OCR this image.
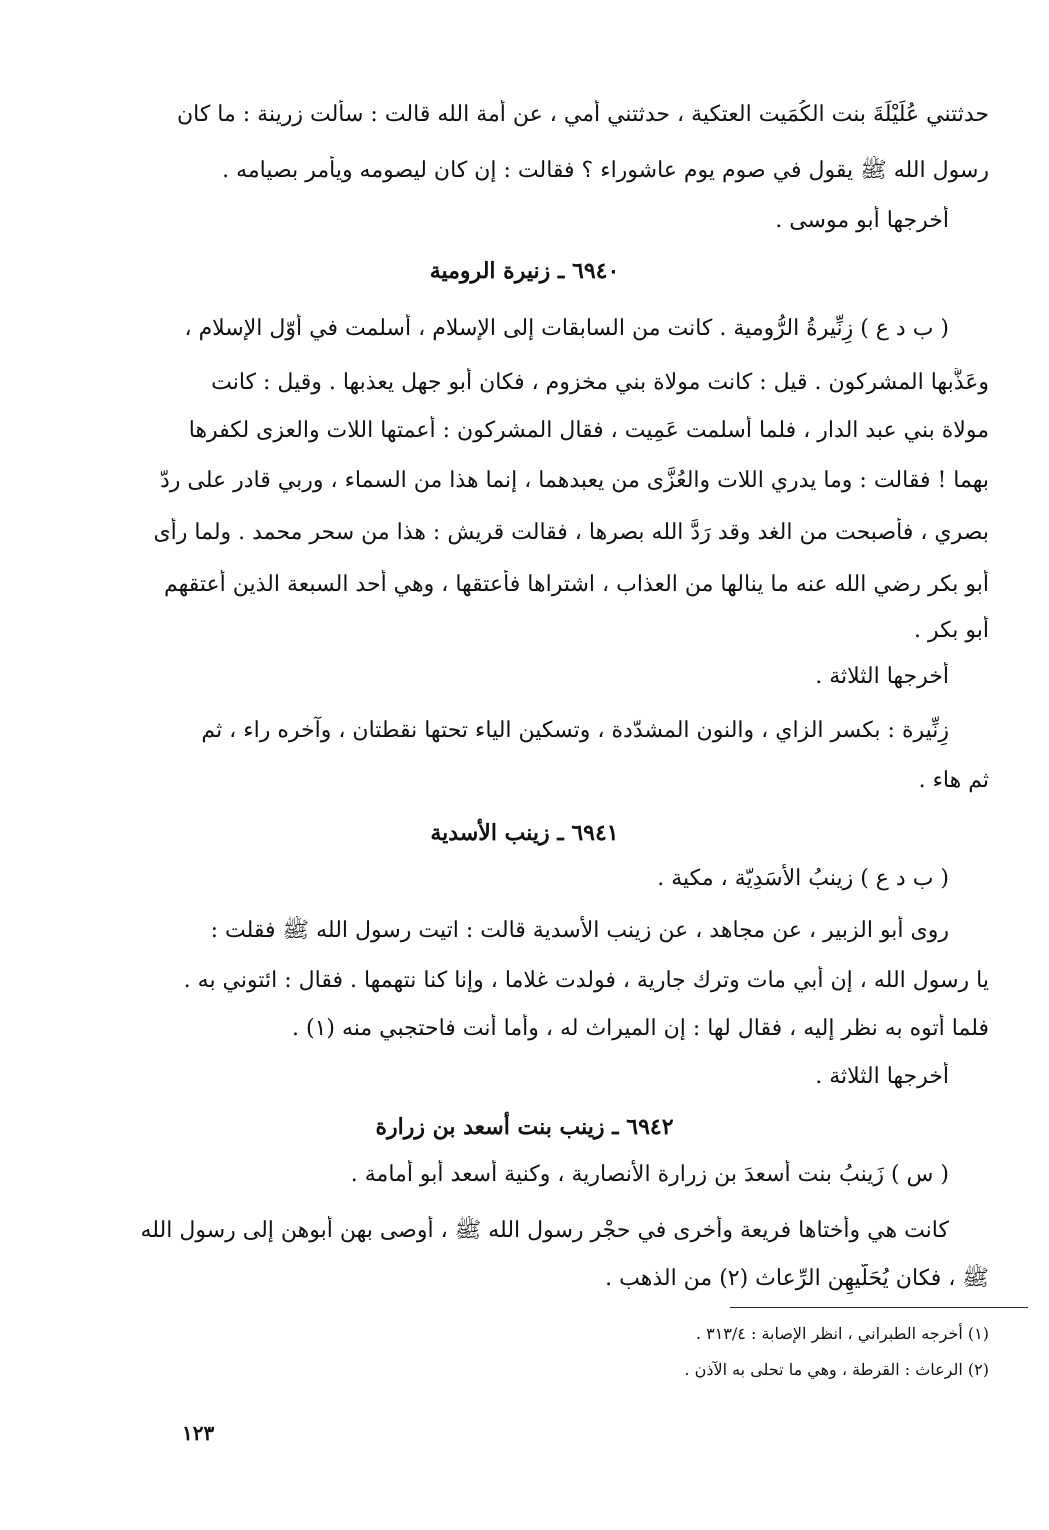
حدثتني عُلَيْلَةَ بنت الكُمَيت العتكية ، حدثتني أمي ، عن أمة الله قالت : سألت زرينة : ما كان
رسول الله ﷺ يقول في صوم يوم عاشوراء ؟ فقالت : إن كان ليصومه ويأمر بصيامه .
أخرجها أبو موسى .
٦٩٤٠ ـ زنيرة الرومية
( ب د ع ) زِنِّيرةُ الرُّومية . كانت من السابقات إلى الإسلام ، أسلمت في أوّل الإسلام ،
وعَذَّبها المشركون . قيل : كانت مولاة بني مخزوم ، فكان أبو جهل يعذبها . وقيل : كانت
مولاة بني عبد الدار ، فلما أسلمت عَمِيت ، فقال المشركون : أعمتها اللات والعزى لكفرها
بهما ! فقالت : وما يدري اللات والعُزَّى من يعبدهما ، إنما هذا من السماء ، وربي قادر على ردّ
بصري ، فأصبحت من الغد وقد رَدَّ الله بصرها ، فقالت قريش : هذا من سحر محمد . ولما رأى
أبو بكر رضي الله عنه ما ينالها من العذاب ، اشتراها فأعتقها ، وهي أحد السبعة الذين أعتقهم
أبو بكر .
أخرجها الثلاثة .
زِنِّيرة : بكسر الزاي ، والنون المشدّدة ، وتسكين الياء تحتها نقطتان ، وآخره راء ، ثم
ثم هاء .
٦٩٤١ ـ زينب الأسدية
( ب د ع ) زينبُ الأَسَدِيّة ، مكية .
روى أبو الزبير ، عن مجاهد ، عن زينب الأسدية قالت : اتيت رسول الله ﷺ فقلت :
يا رسول الله ، إن أبي مات وترك جارية ، فولدت غلاما ، وإنا كنا نتهمها . فقال : ائتوني به .
فلما أتوه به نظر إليه ، فقال لها : إن الميراث له ، وأما أنت فاحتجبي منه (١) .
أخرجها الثلاثة .
٦٩٤٢ ـ زينب بنت أسعد بن زرارة
( س ) زَينبُ بنت أَسعدَ بن زرارة الأنصارية ، وكنية أسعد أبو أمامة .
كانت هي وأختاها فريعة وأخرى في حجْر رسول الله ﷺ ، أوصى بهن أبوهن إلى رسول الله
ﷺ ، فكان يُحَلّيهِن الرِّعاث (٢) من الذهب .
(١) أخرجه الطبراني ، انظر الإصابة : ٣١٣/٤ .
(٢) الرعاث : القرطة ، وهي ما تحلى به الآذن .
١٢٣
